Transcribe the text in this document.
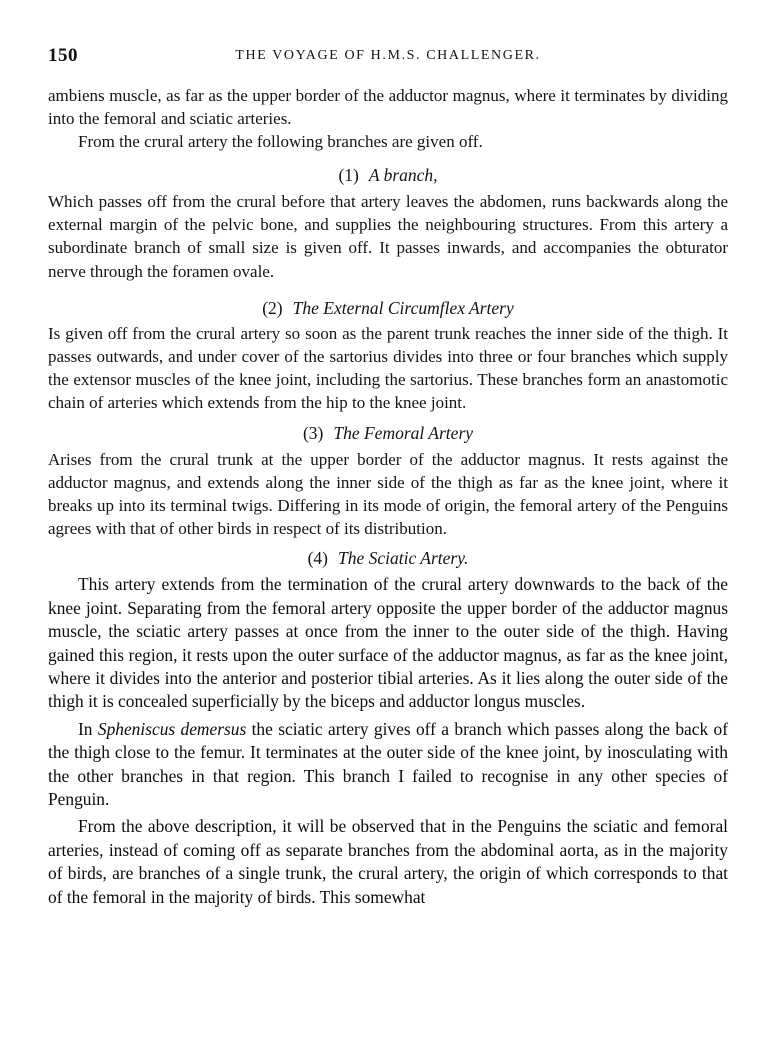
150	THE VOYAGE OF H.M.S. CHALLENGER.

ambiens muscle, as far as the upper border of the adductor magnus, where it terminates by dividing into the femoral and sciatic arteries.

From the crural artery the following branches are given off.

(1) A branch,

Which passes off from the crural before that artery leaves the abdomen, runs backwards along the external margin of the pelvic bone, and supplies the neighbouring structures. From this artery a subordinate branch of small size is given off. It passes inwards, and accompanies the obturator nerve through the foramen ovale.

(2) The External Circumflex Artery

Is given off from the crural artery so soon as the parent trunk reaches the inner side of the thigh. It passes outwards, and under cover of the sartorius divides into three or four branches which supply the extensor muscles of the knee joint, including the sartorius. These branches form an anastomotic chain of arteries which extends from the hip to the knee joint.

(3) The Femoral Artery

Arises from the crural trunk at the upper border of the adductor magnus. It rests against the adductor magnus, and extends along the inner side of the thigh as far as the knee joint, where it breaks up into its terminal twigs. Differing in its mode of origin, the femoral artery of the Penguins agrees with that of other birds in respect of its distribution.

(4) The Sciatic Artery.

This artery extends from the termination of the crural artery downwards to the back of the knee joint. Separating from the femoral artery opposite the upper border of the adductor magnus muscle, the sciatic artery passes at once from the inner to the outer side of the thigh. Having gained this region, it rests upon the outer surface of the adductor magnus, as far as the knee joint, where it divides into the anterior and posterior tibial arteries. As it lies along the outer side of the thigh it is concealed superficially by the biceps and adductor longus muscles.

In Spheniscus demersus the sciatic artery gives off a branch which passes along the back of the thigh close to the femur. It terminates at the outer side of the knee joint, by inosculating with the other branches in that region. This branch I failed to recognise in any other species of Penguin.

From the above description, it will be observed that in the Penguins the sciatic and femoral arteries, instead of coming off as separate branches from the abdominal aorta, as in the majority of birds, are branches of a single trunk, the crural artery, the origin of which corresponds to that of the femoral in the majority of birds. This somewhat
